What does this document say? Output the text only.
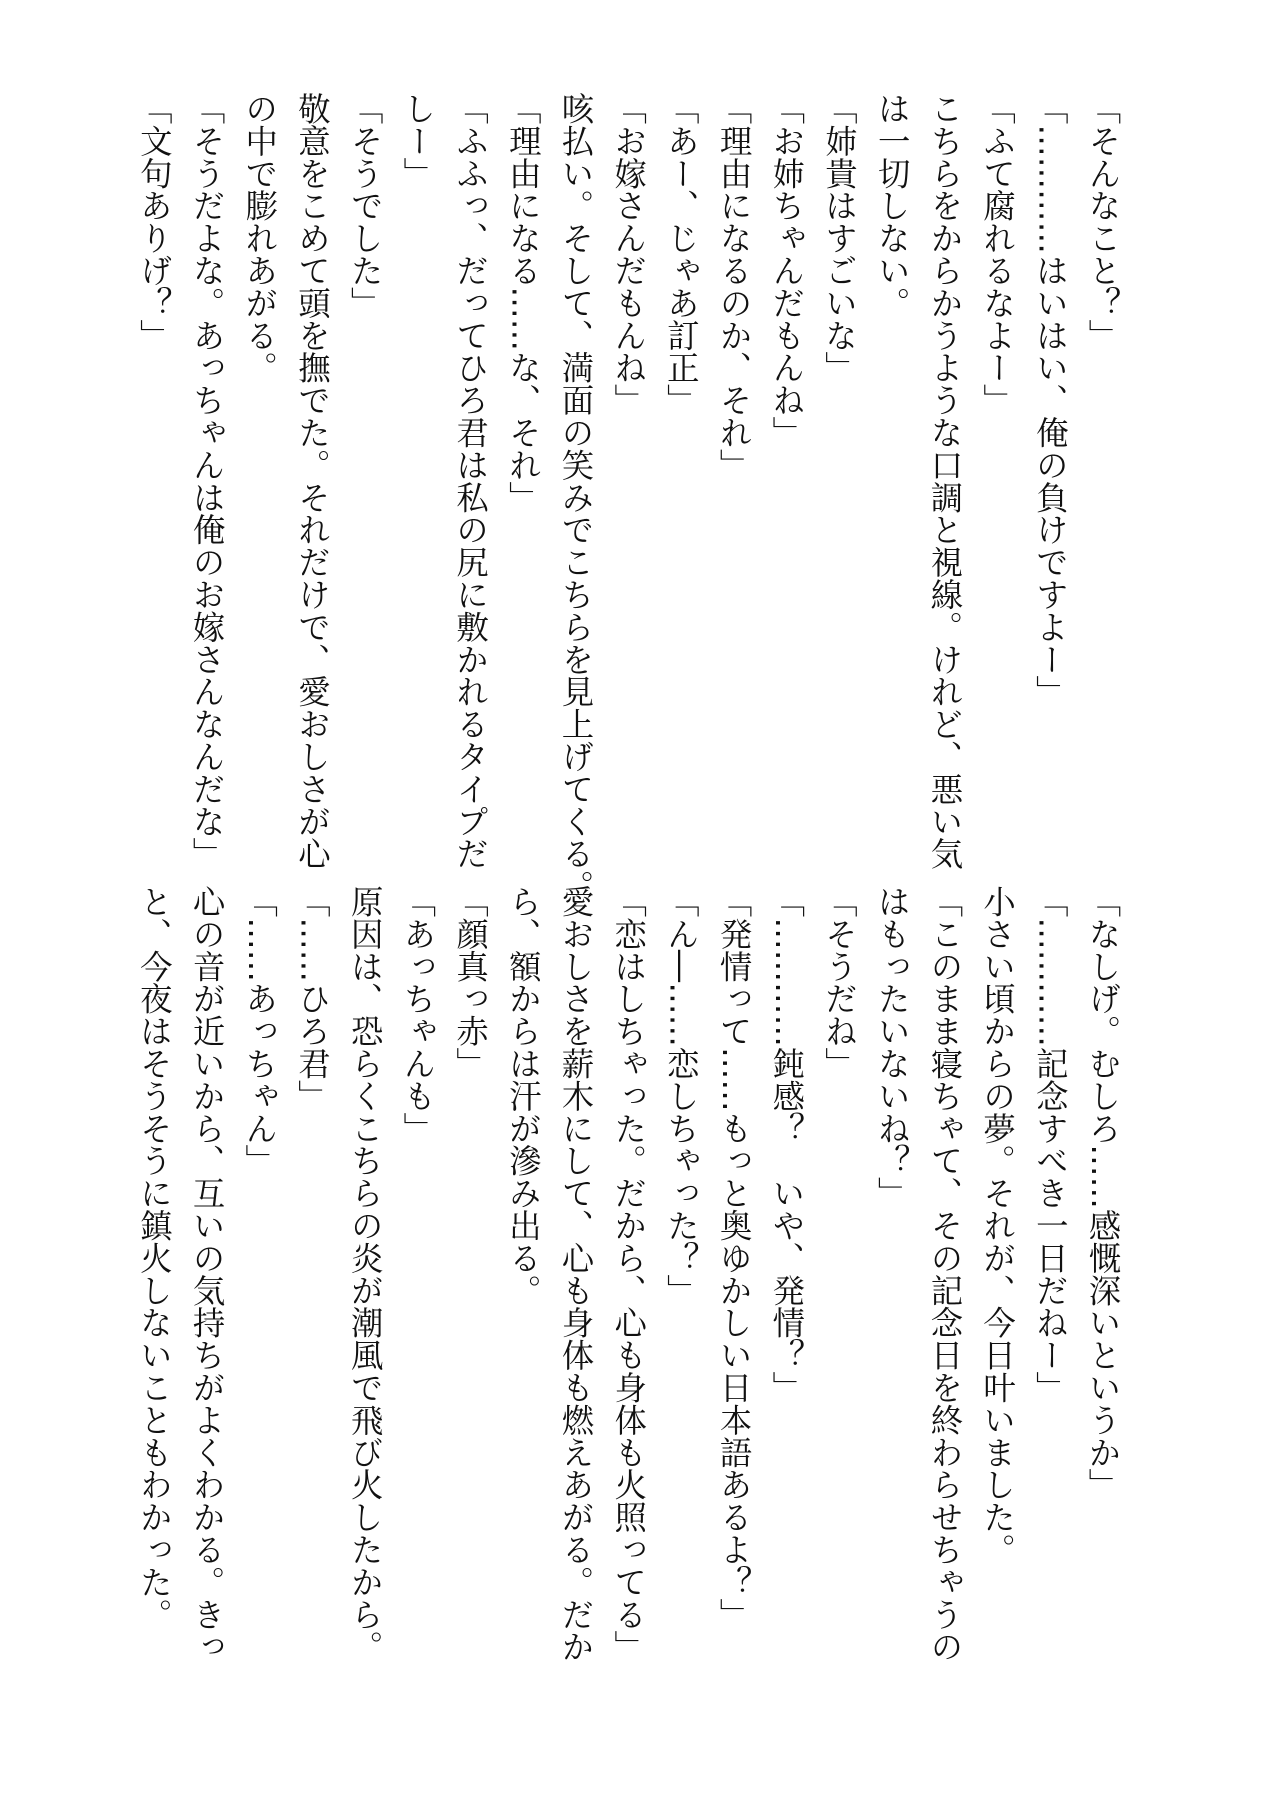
「そんなこと？」
「…………はいはい、俺の負けですよー」
「ふて腐れるなよー」
こちらをからかうような口調と視線。けれど、悪い気
は一切しない。
「姉貴はすごいな」
「お姉ちゃんだもんね」
「理由になるのか、それ」
「あー、じゃあ訂正」
「お嫁さんだもんね」
咳払い。そして、満面の笑みでこちらを見上げてくる。
「理由になる……な、それ」
「ふふっ、だってひろ君は私の尻に敷かれるタイプだ
しー」
「そうでした」
敬意をこめて頭を撫でた。それだけで、愛おしさが心
の中で膨れあがる。
「そうだよな。あっちゃんは俺のお嫁さんなんだな」
「文句ありげ？」
「なしげ。むしろ……感慨深いというか」
「…………記念すべき一日だねー」
小さい頃からの夢。それが、今日叶いました。
「このまま寝ちゃて、その記念日を終わらせちゃうの
はもったいないね？」
「そうだね」
「…………鈍感？　いや、発情？」
「発情って……もっと奥ゆかしい日本語あるよ？」
「ん―……恋しちゃった？」
「恋はしちゃった。だから、心も身体も火照ってる」
愛おしさを薪木にして、心も身体も燃えあがる。だか
ら、額からは汗が滲み出る。
「顔真っ赤」
「あっちゃんも」
原因は、恐らくこちらの炎が潮風で飛び火したから。
「……ひろ君」
「……あっちゃん」
心の音が近いから、互いの気持ちがよくわかる。きっ
と、今夜はそうそうに鎮火しないこともわかった。
